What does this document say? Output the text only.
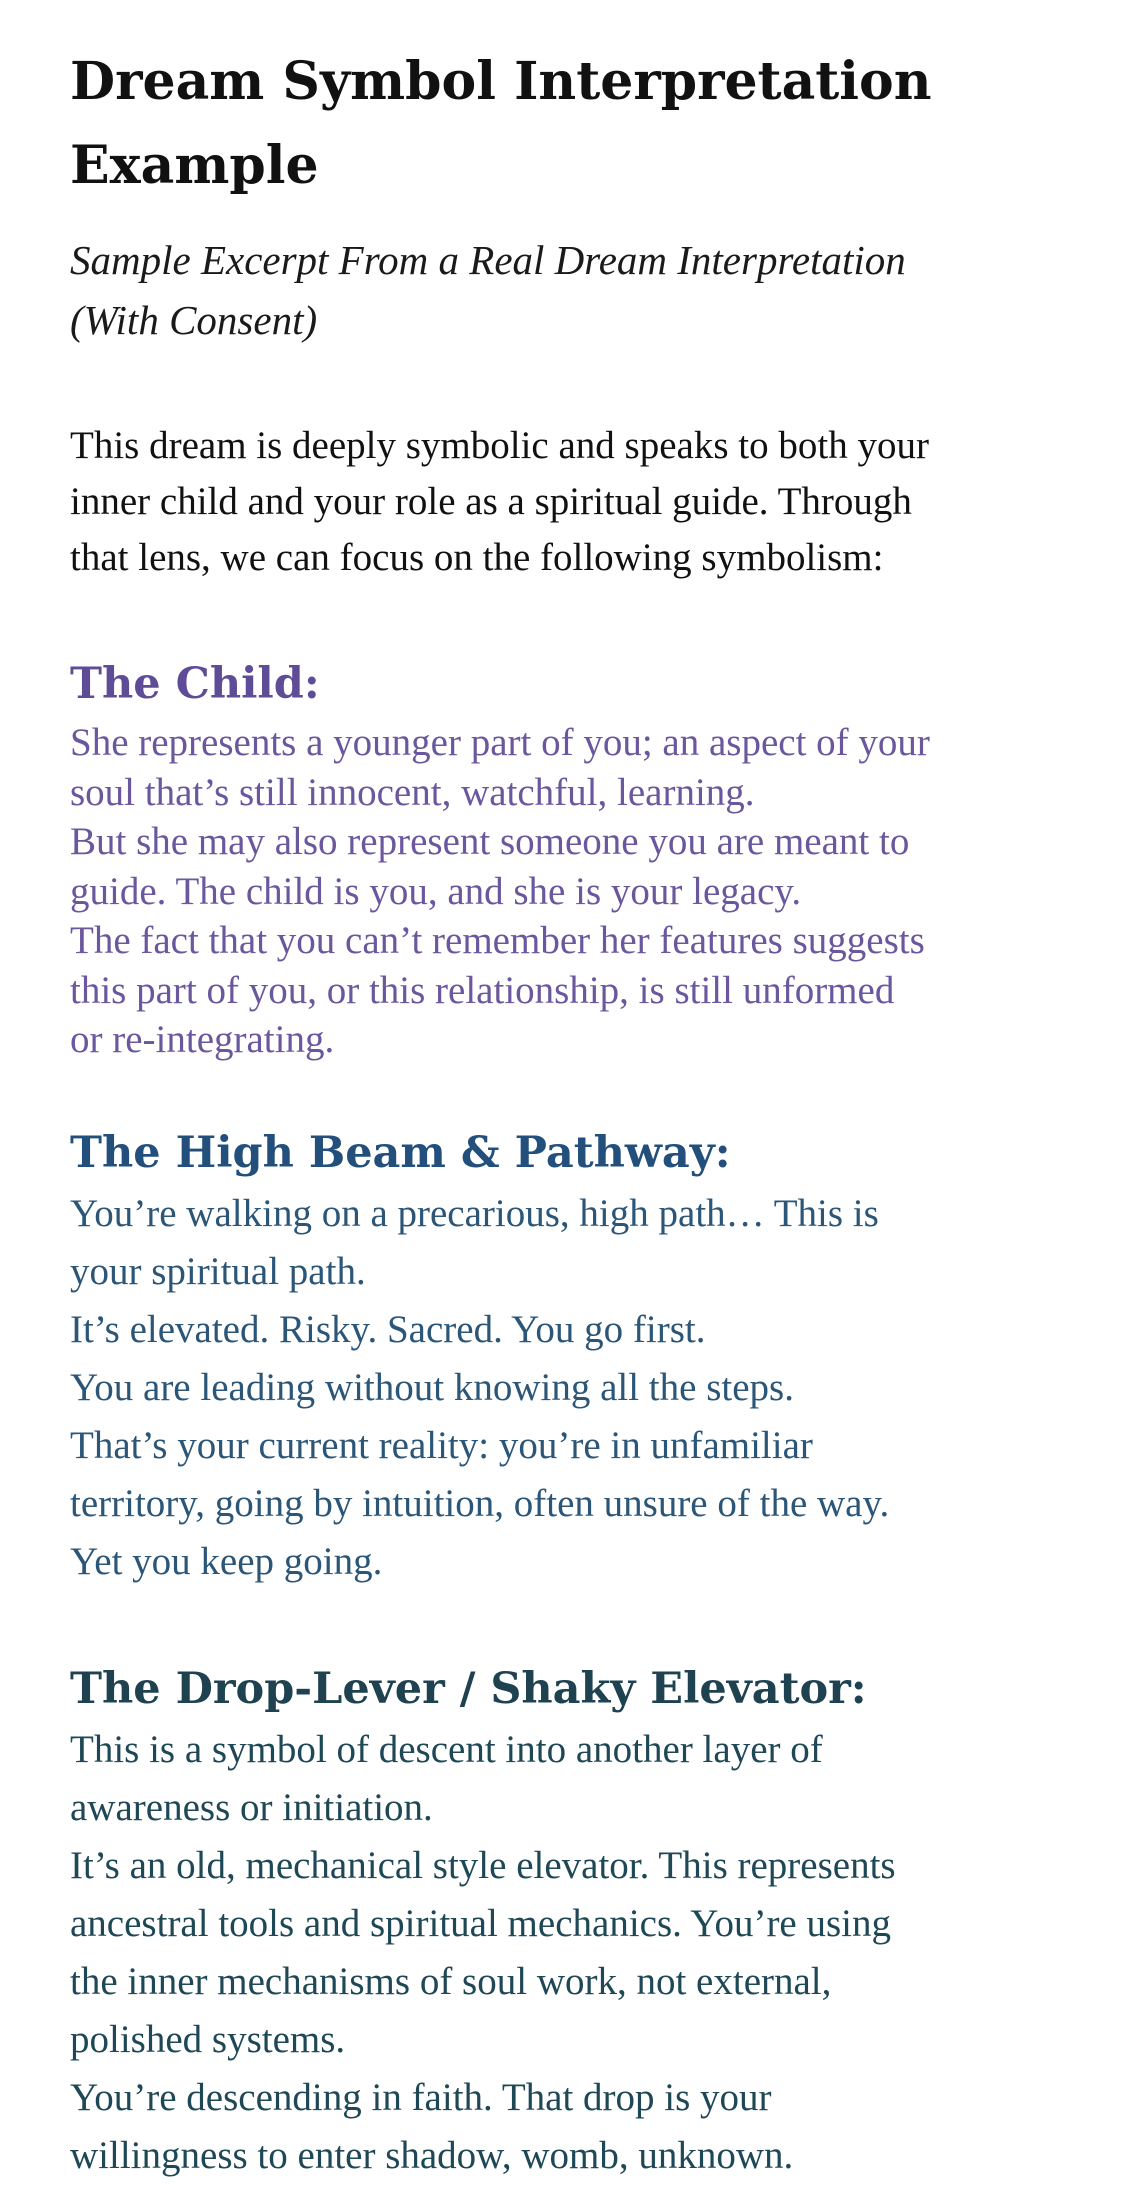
Dream Symbol Interpretation
Example

Sample Excerpt From a Real Dream Interpretation
(With Consent)

This dream is deeply symbolic and speaks to both your
inner child and your role as a spiritual guide. Through
that lens, we can focus on the following symbolism:

The Child:

She represents a younger part of you; an aspect of your
soul that’s still innocent, watchful, learning.
But she may also represent someone you are meant to
guide. The child is you, and she is your legacy.
The fact that you can’t remember her features suggests
this part of you, or this relationship, is still unformed
or re-integrating.

The High Beam & Pathway:

You’re walking on a precarious, high path… This is
your spiritual path.
It’s elevated. Risky. Sacred. You go first.
You are leading without knowing all the steps.
That’s your current reality: you’re in unfamiliar
territory, going by intuition, often unsure of the way.
Yet you keep going.

The Drop-Lever / Shaky Elevator:

This is a symbol of descent into another layer of
awareness or initiation.
It’s an old, mechanical style elevator. This represents
ancestral tools and spiritual mechanics. You’re using
the inner mechanisms of soul work, not external,
polished systems.
You’re descending in faith. That drop is your
willingness to enter shadow, womb, unknown.
